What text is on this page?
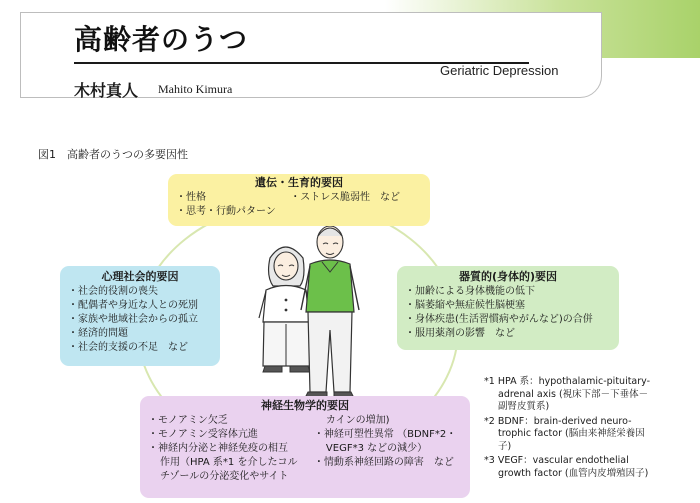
高齢者のうつ
Geriatric Depression
木村真人 Mahito Kimura
図1　高齢者のうつの多要因性
遺伝・生育的要因
・性格	・ストレス脆弱性　など
・思考・行動パターン
心理社会的要因
・社会的役割の喪失
・配偶者や身近な人との死別
・家族や地域社会からの孤立
・経済的問題
・社会的支援の不足　など
器質的(身体的)要因
・加齢による身体機能の低下
・脳萎縮や無症候性脳梗塞
・身体疾患(生活習慣病やがんなど)の合併
・服用薬剤の影響　など
神経生物学的要因
・モノアミン欠乏
・モノアミン受容体亢進
・神経内分泌と神経免疫の相互
作用（HPA 系*1 を介したコル
チゾールの分泌変化やサイト
カインの増加)
・神経可塑性異常 （BDNF*2・
VEGF*3 などの減少）
・情動系神経回路の障害　など
*1 HPA 系：hypothalamic-pituitary-
adrenal axis (視床下部－下垂体－
副腎皮質系)
*2 BDNF：brain-derived neuro-
trophic factor (脳由来神経栄養因
子)
*3 VEGF：vascular endothelial
growth factor (血管内皮増殖因子)
